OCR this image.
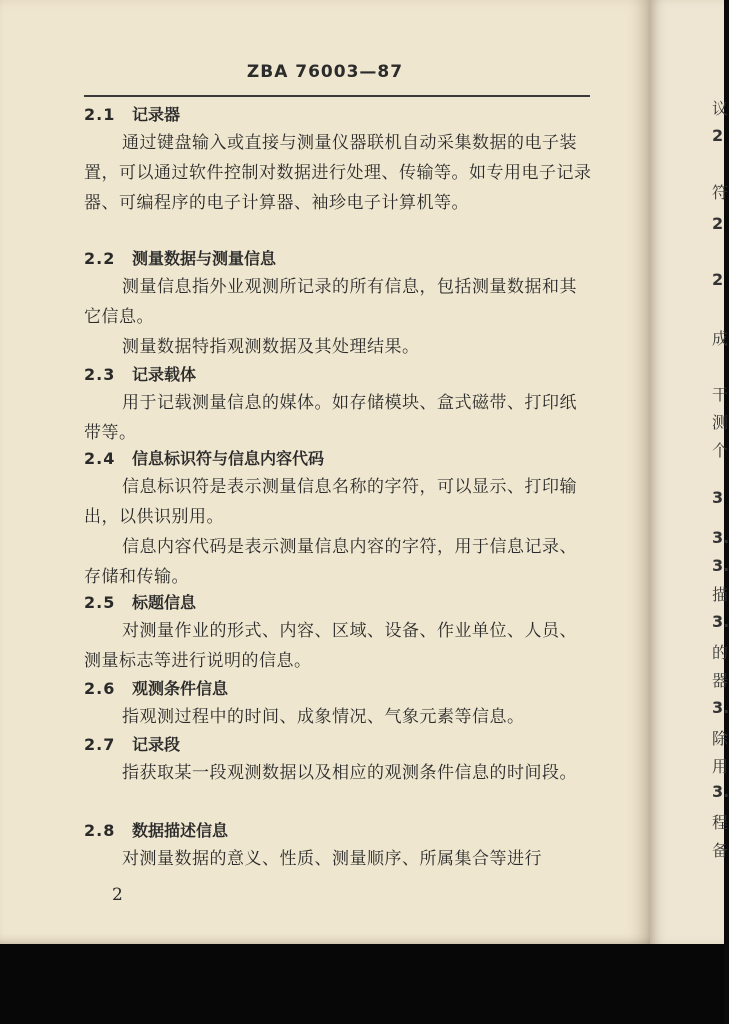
ZBA 76003—87
2.1 记录器
通过键盘输入或直接与测量仪器联机自动采集数据的电子装置，可以通过软件控制对数据进行处理、传输等。如专用电子记录器、可编程序的电子计算器、袖珍电子计算机等。
2.2 测量数据与测量信息
测量信息指外业观测所记录的所有信息，包括测量数据和其它信息。
测量数据特指观测数据及其处理结果。
2.3 记录载体
用于记载测量信息的媒体。如存储模块、盒式磁带、打印纸带等。
2.4 信息标识符与信息内容代码
信息标识符是表示测量信息名称的字符，可以显示、打印输出，以供识别用。
信息内容代码是表示测量信息内容的字符，用于信息记录、存储和传输。
2.5 标题信息
对测量作业的形式、内容、区域、设备、作业单位、人员、测量标志等进行说明的信息。
2.6 观测条件信息
指观测过程中的时间、成象情况、气象元素等信息。
2.7 记录段
指获取某一段观测数据以及相应的观测条件信息的时间段。
2.8 数据描述信息
对测量数据的意义、性质、测量顺序、所属集合等进行
2
议
2
符
2
2
成
干
测
个
3
3.
3.
描
3.
的
器
3.
除
用
3.
程
备
